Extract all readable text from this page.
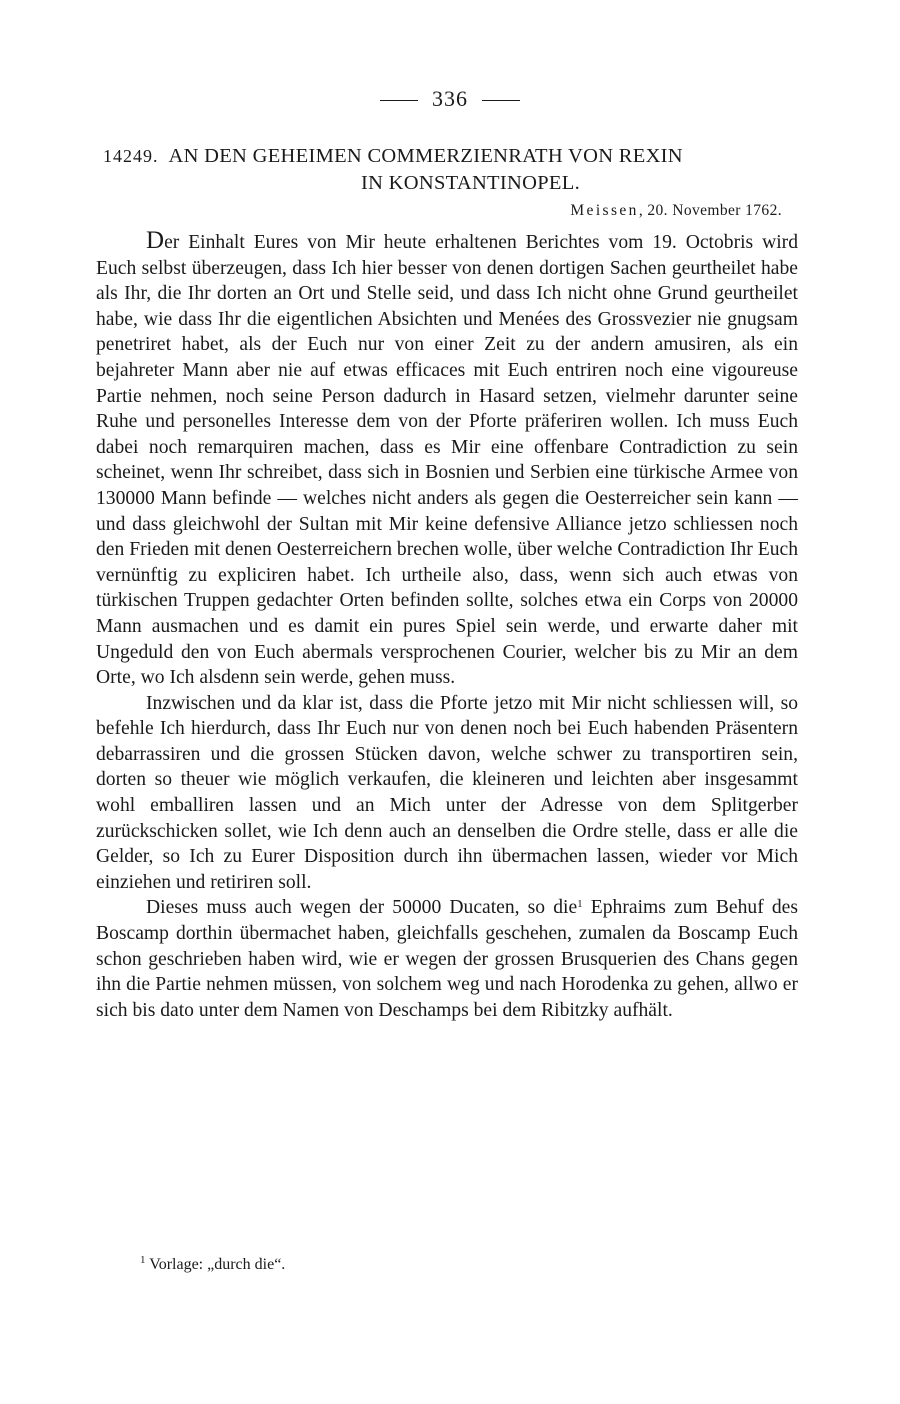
336
14249. AN DEN GEHEIMEN COMMERZIENRATH VON REXIN
IN KONSTANTINOPEL.
Meissen, 20. November 1762.

Der Einhalt Eures von Mir heute erhaltenen Berichtes vom 19. Octobris wird Euch selbst überzeugen, dass Ich hier besser von denen dortigen Sachen geurtheilet habe als Ihr, die Ihr dorten an Ort und Stelle seid, und dass Ich nicht ohne Grund geurtheilet habe, wie dass Ihr die eigentlichen Absichten und Menées des Grossvezier nie gnugsam penetriret habet, als der Euch nur von einer Zeit zu der andern amusiren, als ein bejahreter Mann aber nie auf etwas efficaces mit Euch entriren noch eine vigoureuse Partie nehmen, noch seine Person dadurch in Hasard setzen, vielmehr darunter seine Ruhe und personelles Interesse dem von der Pforte präferiren wollen. Ich muss Euch dabei noch remarquiren machen, dass es Mir eine offenbare Contradiction zu sein scheinet, wenn Ihr schreibet, dass sich in Bosnien und Serbien eine türkische Armee von 130000 Mann befinde — welches nicht anders als gegen die Oesterreicher sein kann — und dass gleichwohl der Sultan mit Mir keine defensive Alliance jetzo schliessen noch den Frieden mit denen Oesterreichern brechen wolle, über welche Contradiction Ihr Euch vernünftig zu expliciren habet. Ich urtheile also, dass, wenn sich auch etwas von türkischen Truppen gedachter Orten befinden sollte, solches etwa ein Corps von 20000 Mann ausmachen und es damit ein pures Spiel sein werde, und erwarte daher mit Ungeduld den von Euch abermals versprochenen Courier, welcher bis zu Mir an dem Orte, wo Ich alsdenn sein werde, gehen muss.

Inzwischen und da klar ist, dass die Pforte jetzo mit Mir nicht schliessen will, so befehle Ich hierdurch, dass Ihr Euch nur von denen noch bei Euch habenden Präsentern debarrassiren und die grossen Stücken davon, welche schwer zu transportiren sein, dorten so theuer wie möglich verkaufen, die kleineren und leichten aber insgesammt wohl emballiren lassen und an Mich unter der Adresse von dem Splitgerber zurückschicken sollet, wie Ich denn auch an denselben die Ordre stelle, dass er alle die Gelder, so Ich zu Eurer Disposition durch ihn übermachen lassen, wieder vor Mich einziehen und retiriren soll.

Dieses muss auch wegen der 50000 Ducaten, so die$^1$ Ephraims zum Behuf des Boscamp dorthin übermachet haben, gleichfalls geschehen, zumalen da Boscamp Euch schon geschrieben haben wird, wie er wegen der grossen Brusquerien des Chans gegen ihn die Partie nehmen müssen, von solchem weg und nach Horodenka zu gehen, allwo er sich bis dato unter dem Namen von Deschamps bei dem Ribitzky aufhält.

$^1$ Vorlage: „durch die“.
